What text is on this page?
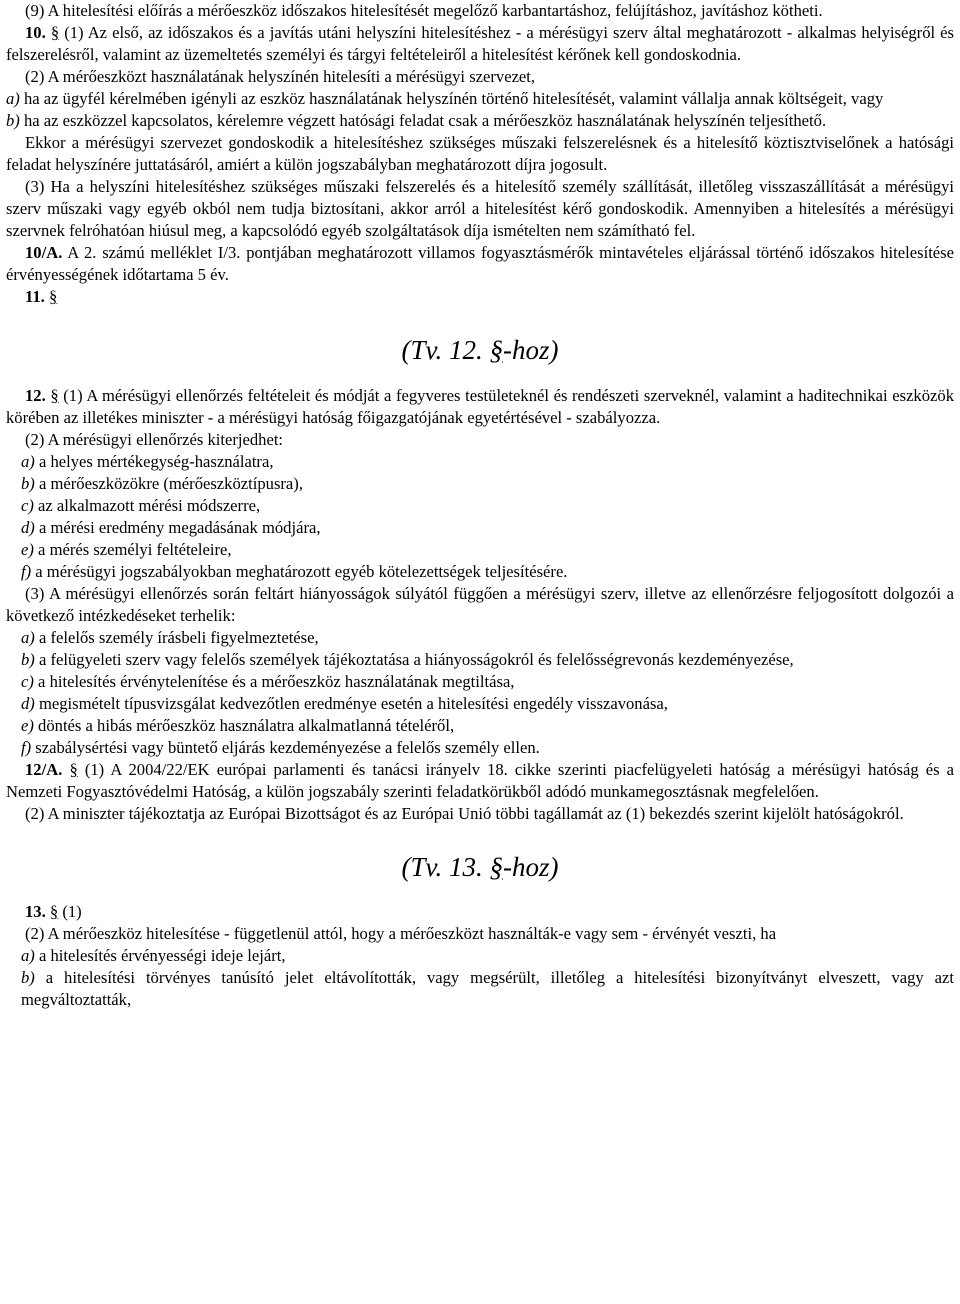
(9) A hitelesítési előírás a mérőeszköz időszakos hitelesítését megelőző karbantartáshoz, felújításhoz, javításhoz kötheti.

10. § (1) Az első, az időszakos és a javítás utáni helyszíni hitelesítéshez - a mérésügyi szerv által meghatározott - alkalmas helyiségről és felszerelésről, valamint az üzemeltetés személyi és tárgyi feltételeiről a hitelesítést kérőnek kell gondoskodnia.

(2) A mérőeszközt használatának helyszínén hitelesíti a mérésügyi szervezet,

a) ha az ügyfél kérelmében igényli az eszköz használatának helyszínén történő hitelesítését, valamint vállalja annak költségeit, vagy

b) ha az eszközzel kapcsolatos, kérelemre végzett hatósági feladat csak a mérőeszköz használatának helyszínén teljesíthető.

Ekkor a mérésügyi szervezet gondoskodik a hitelesítéshez szükséges műszaki felszerelésnek és a hitelesítő köztisztviselőnek a hatósági feladat helyszínére juttatásáról, amiért a külön jogszabályban meghatározott díjra jogosult.

(3) Ha a helyszíni hitelesítéshez szükséges műszaki felszerelés és a hitelesítő személy szállítását, illetőleg visszaszállítását a mérésügyi szerv műszaki vagy egyéb okból nem tudja biztosítani, akkor arról a hitelesítést kérő gondoskodik. Amennyiben a hitelesítés a mérésügyi szervnek felróhatóan hiúsul meg, a kapcsolódó egyéb szolgáltatások díja ismételten nem számítható fel.

10/A. A 2. számú melléklet I/3. pontjában meghatározott villamos fogyasztásmérők mintavételes eljárással történő időszakos hitelesítése érvényességének időtartama 5 év.

11. §

(Tv. 12. §-hoz)

12. § (1) A mérésügyi ellenőrzés feltételeit és módját a fegyveres testületeknél és rendészeti szerveknél, valamint a haditechnikai eszközök körében az illetékes miniszter - a mérésügyi hatóság főigazgatójának egyetértésével - szabályozza.

(2) A mérésügyi ellenőrzés kiterjedhet:

a) a helyes mértékegység-használatra,

b) a mérőeszközökre (mérőeszköztípusra),

c) az alkalmazott mérési módszerre,

d) a mérési eredmény megadásának módjára,

e) a mérés személyi feltételeire,

f) a mérésügyi jogszabályokban meghatározott egyéb kötelezettségek teljesítésére.

(3) A mérésügyi ellenőrzés során feltárt hiányosságok súlyától függően a mérésügyi szerv, illetve az ellenőrzésre feljogosított dolgozói a következő intézkedéseket terhelik:

a) a felelős személy írásbeli figyelmeztetése,

b) a felügyeleti szerv vagy felelős személyek tájékoztatása a hiányosságokról és felelősségrevonás kezdeményezése,

c) a hitelesítés érvénytelenítése és a mérőeszköz használatának megtiltása,

d) megismételt típusvizsgálat kedvezőtlen eredménye esetén a hitelesítési engedély visszavonása,

e) döntés a hibás mérőeszköz használatra alkalmatlanná tételéről,

f) szabálysértési vagy büntető eljárás kezdeményezése a felelős személy ellen.

12/A. § (1) A 2004/22/EK európai parlamenti és tanácsi irányelv 18. cikke szerinti piacfelügyeleti hatóság a mérésügyi hatóság és a Nemzeti Fogyasztóvédelmi Hatóság, a külön jogszabály szerinti feladatkörükből adódó munkamegosztásnak megfelelően.

(2) A miniszter tájékoztatja az Európai Bizottságot és az Európai Unió többi tagállamát az (1) bekezdés szerint kijelölt hatóságokról.

(Tv. 13. §-hoz)

13. § (1)

(2) A mérőeszköz hitelesítése - függetlenül attól, hogy a mérőeszközt használták-e vagy sem - érvényét veszti, ha

a) a hitelesítés érvényességi ideje lejárt,

b) a hitelesítési törvényes tanúsító jelet eltávolították, vagy megsérült, illetőleg a hitelesítési bizonyítványt elveszett, vagy azt megváltoztatták,
